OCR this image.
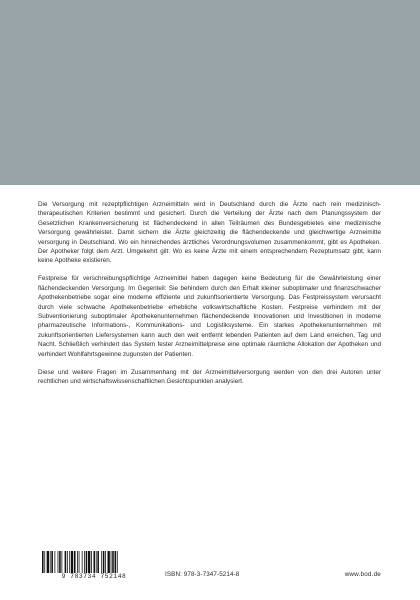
Die Versorgung mit rezeptpflichtigen Arzneimitteln wird in Deutschland durch die Ärzte nach rein medizinisch-therapeutischen Kriterien bestimmt und gesichert. Durch die Verteilung der Ärzte nach dem Planungssystem der Gesetzlichen Krankenversicherung ist flächendeckend in allen Teilräumen des Bundesgebietes eine medizinische Versorgung gewährleistet. Damit sichern die Ärzte gleichzeitig die flächendeckende und gleichwertige Arzneimitte versorgung in Deutschland. Wo ein hinreichendes ärztliches Verordnungsvolumen zusammenkommt, gibt es Apotheken. Der Apotheker folgt dem Arzt. Umgekehrt gilt: Wo es keine Ärzte mit einem entsprechendem Rezeptumsatz gibt, kann keine Apotheke existieren.

Festpreise für verschreibungspflichtige Arzneimittel haben dagegen keine Bedeutung für die Gewährleistung einer flächendeckenden Versorgung. Im Gegenteil: Sie behindern durch den Erhalt kleiner suboptimaler und finanzschwacher Apothekenbetriebe sogar eine moderne effiziente und zukunftsorientierte Versorgung. Das Festpreissystem verursacht durch viele schwache Apothekenbetriebe erhebliche volkswirtschaftliche Kosten. Festpreise verhindern mit der Subventionierung suboptimaler Apothekenunternehmen flächendeckende Innovationen und Investitionen in moderne pharmazeutische Informations-, Kommunikations- und Logistiksysteme. Ein starkes Apothekenunternehmen mit zukunftsorientierten Liefersystemen kann auch den weit entfernt lebenden Patienten auf dem Land erreichen, Tag und Nacht. Schließlich verhindert das System fester Arzneimittelpreise eine optimale räumliche Allokation der Apotheken und verhindert Wohlfahrtsgewinne zugunsten der Patienten.

Diese und weitere Fragen im Zusammenhang mit der Arzneimittelversorgung werden von den drei Autoren unter rechtlichen und wirtschaftswissenschaftlichen Gesichtspunkten analysiert.

9 783734 752148	ISBN: 978-3-7347-5214-8	www.bod.de
